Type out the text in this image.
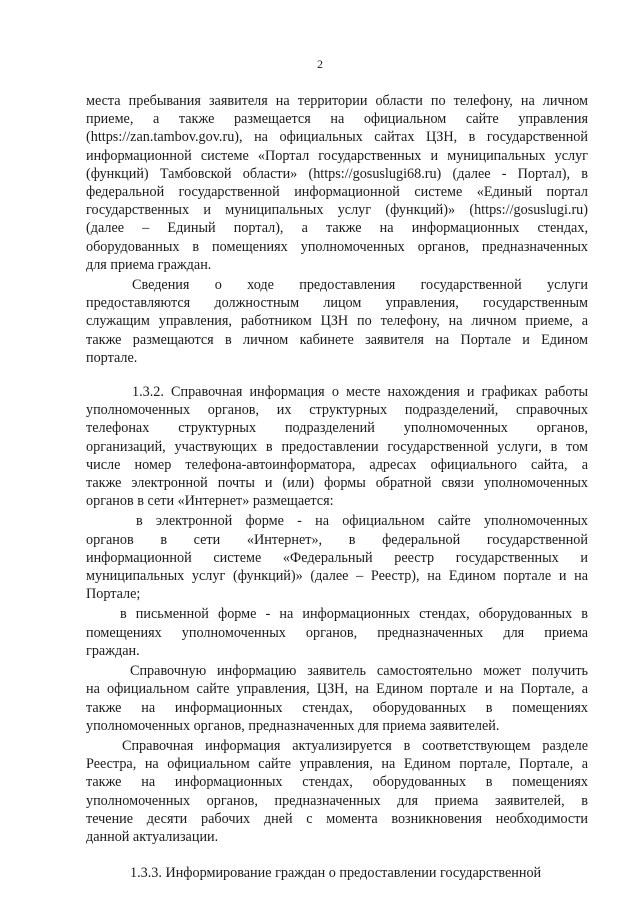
2
места пребывания заявителя на территории области по телефону, на личном
приеме, а также размещается на официальном сайте управления
(https://zan.tambov.gov.ru), на официальных сайтах ЦЗН, в государственной
информационной системе «Портал государственных и муниципальных услуг
(функций) Тамбовской области» (https://gosuslugi68.ru) (далее - Портал), в
федеральной государственной информационной системе «Единый портал
государственных и муниципальных услуг (функций)» (https://gosuslugi.ru)
(далее – Единый портал), а также на информационных стендах,
оборудованных в помещениях уполномоченных органов, предназначенных
для приема граждан.
Сведения о ходе предоставления государственной услуги
предоставляются должностным лицом управления, государственным
служащим управления, работником ЦЗН по телефону, на личном приеме, а
также размещаются в личном кабинете заявителя на Портале и Едином
портале.
1.3.2. Справочная информация о месте нахождения и графиках работы
уполномоченных органов, их структурных подразделений, справочных
телефонах структурных подразделений уполномоченных органов,
организаций, участвующих в предоставлении государственной услуги, в том
числе номер телефона-автоинформатора, адресах официального сайта, а
также электронной почты и (или) формы обратной связи уполномоченных
органов в сети «Интернет» размещается:
в электронной форме - на официальном сайте уполномоченных
органов в сети «Интернет», в федеральной государственной
информационной системе «Федеральный реестр государственных и
муниципальных услуг (функций)» (далее – Реестр), на Едином портале и на
Портале;
в письменной форме - на информационных стендах, оборудованных в
помещениях уполномоченных органов, предназначенных для приема
граждан.
Справочную информацию заявитель самостоятельно может получить
на официальном сайте управления, ЦЗН, на Едином портале и на Портале, а
также на информационных стендах, оборудованных в помещениях
уполномоченных органов, предназначенных для приема заявителей.
Справочная информация актуализируется в соответствующем разделе
Реестра, на официальном сайте управления, на Едином портале, Портале, а
также на информационных стендах, оборудованных в помещениях
уполномоченных органов, предназначенных для приема заявителей, в
течение десяти рабочих дней с момента возникновения необходимости
данной актуализации.
1.3.3. Информирование граждан о предоставлении государственной
